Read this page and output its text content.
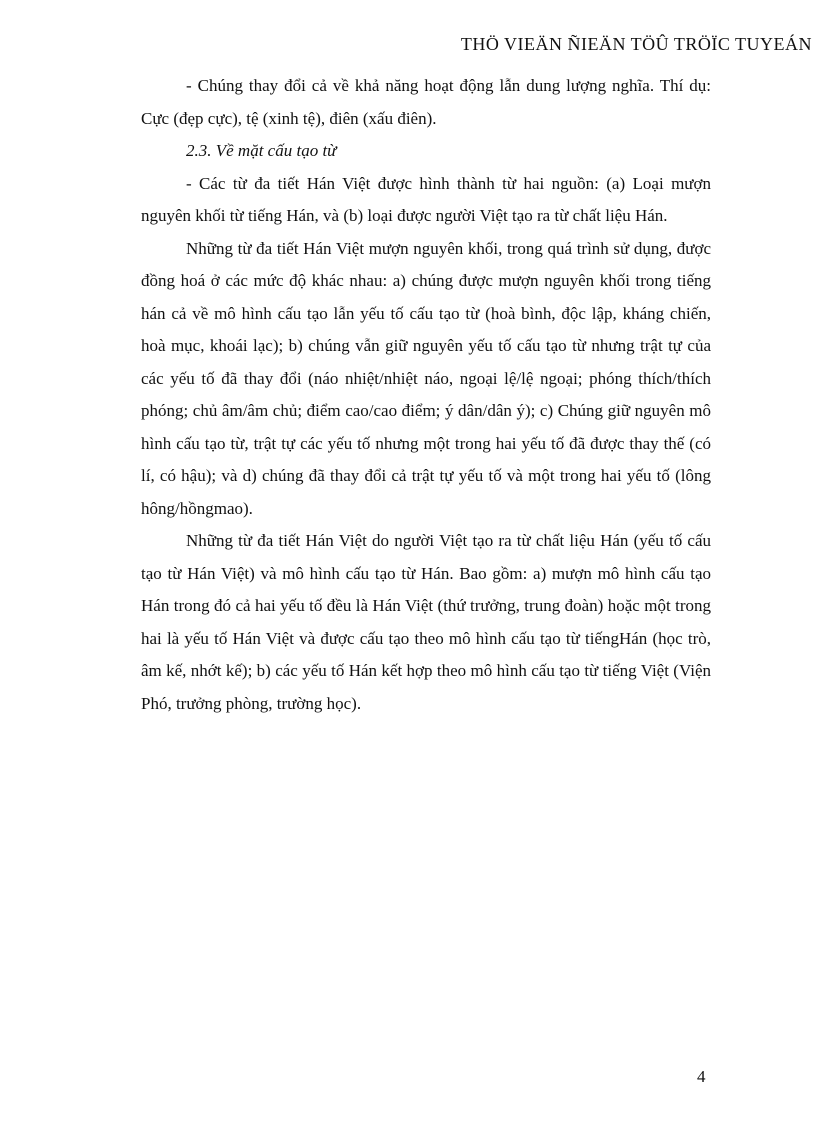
THÖ VIEÄN ÑIEÄN TÖÛ TRÖÏC TUYEÁN

- Chúng thay đổi cả về khả năng hoạt động lẫn dung lượng nghĩa. Thí dụ: Cực (đẹp cực), tệ (xinh tệ), điên (xấu điên).

2.3. Về mặt cấu tạo từ

- Các từ đa tiết Hán Việt được hình thành từ hai nguồn: (a) Loại mượn nguyên khối từ tiếng Hán, và (b) loại được người Việt tạo ra từ chất liệu Hán.

Những từ đa tiết Hán Việt mượn nguyên khối, trong quá trình sử dụng, được đồng hoá ở các mức độ khác nhau: a) chúng được mượn nguyên khối trong tiếng hán cả về mô hình cấu tạo lẫn yếu tố cấu tạo từ (hoà bình, độc lập, kháng chiến, hoà mục, khoái lạc); b) chúng vẫn giữ nguyên yếu tố cấu tạo từ nhưng trật tự của các yếu tố đã thay đổi (náo nhiệt/nhiệt náo, ngoại lệ/lệ ngoại; phóng thích/thích phóng; chủ âm/âm chủ; điểm cao/cao điểm; ý dân/dân ý); c) Chúng giữ nguyên mô hình cấu tạo từ, trật tự các yếu tố nhưng một trong hai yếu tố đã được thay thế (có lí, có hậu); và d) chúng đã thay đổi cả trật tự yếu tố và một trong hai yếu tố (lông hông/hồngmao).

Những từ đa tiết Hán Việt do người Việt tạo ra từ chất liệu Hán (yếu tố cấu tạo từ Hán Việt) và mô hình cấu tạo từ Hán. Bao gồm: a) mượn mô hình cấu tạo Hán trong đó cả hai yếu tố đều là Hán Việt (thứ trưởng, trung đoàn) hoặc một trong hai là yếu tố Hán Việt và được cấu tạo theo mô hình cấu tạo từ tiếngHán (học trò, âm kế, nhớt kế); b) các yếu tố Hán kết hợp theo mô hình cấu tạo từ tiếng Việt (Viện Phó, trưởng phòng, trường học).

4
